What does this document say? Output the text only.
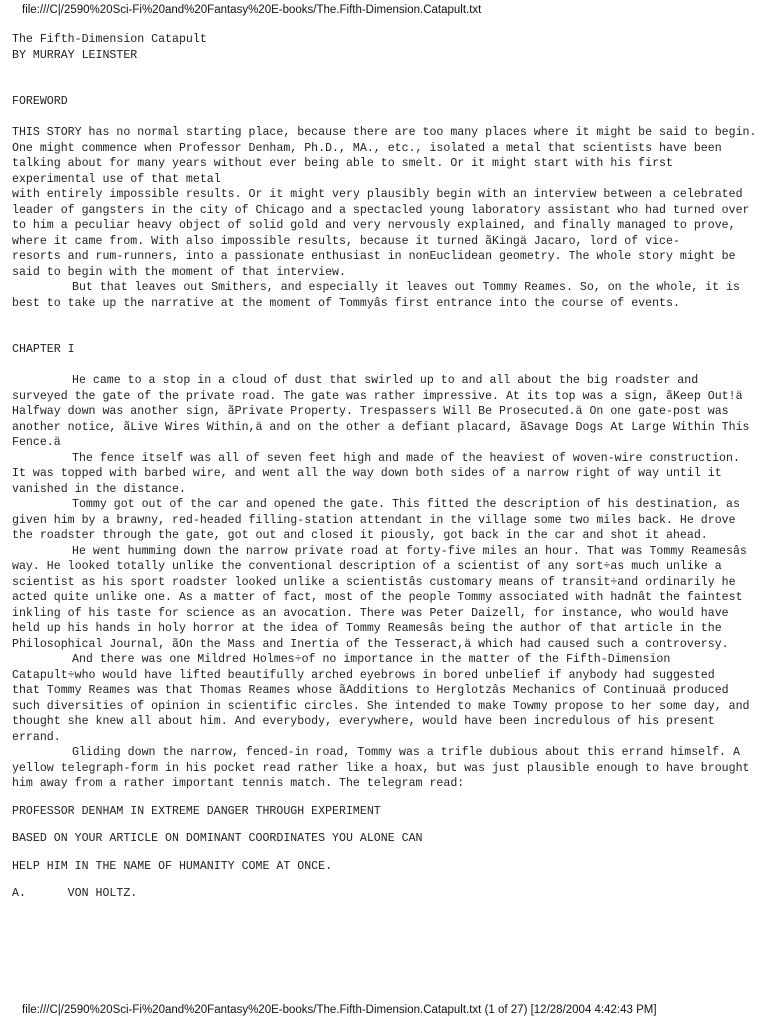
file:///C|/2590%20Sci-Fi%20and%20Fantasy%20E-books/The.Fifth-Dimension.Catapult.txt
The Fifth-Dimension Catapult
BY MURRAY LEINSTER
FOREWORD

THIS STORY has no normal starting place, because there are too many places where it might be said to begin. One might commence when Professor Denham, Ph.D., MA., etc., isolated a metal that scientists have been talking about for many years without ever being able to smelt. Or it might start with his first experimental use of that metal

with entirely impossible results. Or it might very plausibly begin with an interview between a celebrated leader of gangsters in the city of Chicago and a spectacled young laboratory assistant who had turned over to him a peculiar heavy object of solid gold and very nervously explained, and finally managed to prove, where it came from. With also impossible results, because it turned ãKingä Jacaro, lord of vice-

resorts and rum-runners, into a passionate enthusiast in nonEuclidean geometry. The whole story might be said to begin with the moment of that interview.

But that leaves out Smithers, and especially it leaves out Tommy Reames. So, on the whole, it is best to take up the narrative at the moment of Tommyâs first entrance into the course of events.

CHAPTER I

He came to a stop in a cloud of dust that swirled up to and all about the big roadster and surveyed the gate of the private road. The gate was rather impressive. At its top was a sign, ãKeep Out!ä Halfway down was another sign, ãPrivate Property. Trespassers Will Be Prosecuted.ä On one gate-post was another notice, ãLive Wires Within,ä and on the other a defiant placard, ãSavage Dogs At Large Within This Fence.ä

The fence itself was all of seven feet high and made of the heaviest of woven-wire construction. It was topped with barbed wire, and went all the way down both sides of a narrow right of way until it vanished in the distance.

Tommy got out of the car and opened the gate. This fitted the description of his destination, as given him by a brawny, red-headed filling-station attendant in the village some two miles back. He drove the roadster through the gate, got out and closed it piously, got back in the car and shot it ahead.

He went humming down the narrow private road at forty-five miles an hour. That was Tommy Reamesâs way. He looked totally unlike the conventional description of a scientist of any sort÷as much unlike a scientist as his sport roadster looked unlike a scientistâs customary means of transit÷and ordinarily he acted quite unlike one. As a matter of fact, most of the people Tommy associated with hadnât the faintest inkling of his taste for science as an avocation. There was Peter Daizell, for instance, who would have held up his hands in holy horror at the idea of Tommy Reamesâs being the author of that article in the Philosophical Journal, ãOn the Mass and Inertia of the Tesseract,ä which had caused such a controversy.

And there was one Mildred Holmes÷of no importance in the matter of the Fifth-Dimension Catapult÷who would have lifted beautifully arched eyebrows in bored unbelief if anybody had suggested

that Tommy Reames was that Thomas Reames whose ãAdditions to Herglotzâs Mechanics of Continuaä produced such diversities of opinion in scientific circles. She intended to make Towmy propose to her some day, and thought she knew all about him. And everybody, everywhere, would have been incredulous of his present errand.

Gliding down the narrow, fenced-in road, Tommy was a trifle dubious about this errand himself. A yellow telegraph-form in his pocket read rather like a hoax, but was just plausible enough to have brought him away from a rather important tennis match. The telegram read:

PROFESSOR DENHAM IN EXTREME DANGER THROUGH EXPERIMENT
BASED ON YOUR ARTICLE ON DOMINANT COORDINATES YOU ALONE CAN
HELP HIM IN THE NAME OF HUMANITY COME AT ONCE.
A.      VON HOLTZ.
file:///C|/2590%20Sci-Fi%20and%20Fantasy%20E-books/The.Fifth-Dimension.Catapult.txt (1 of 27) [12/28/2004 4:42:43 PM]
